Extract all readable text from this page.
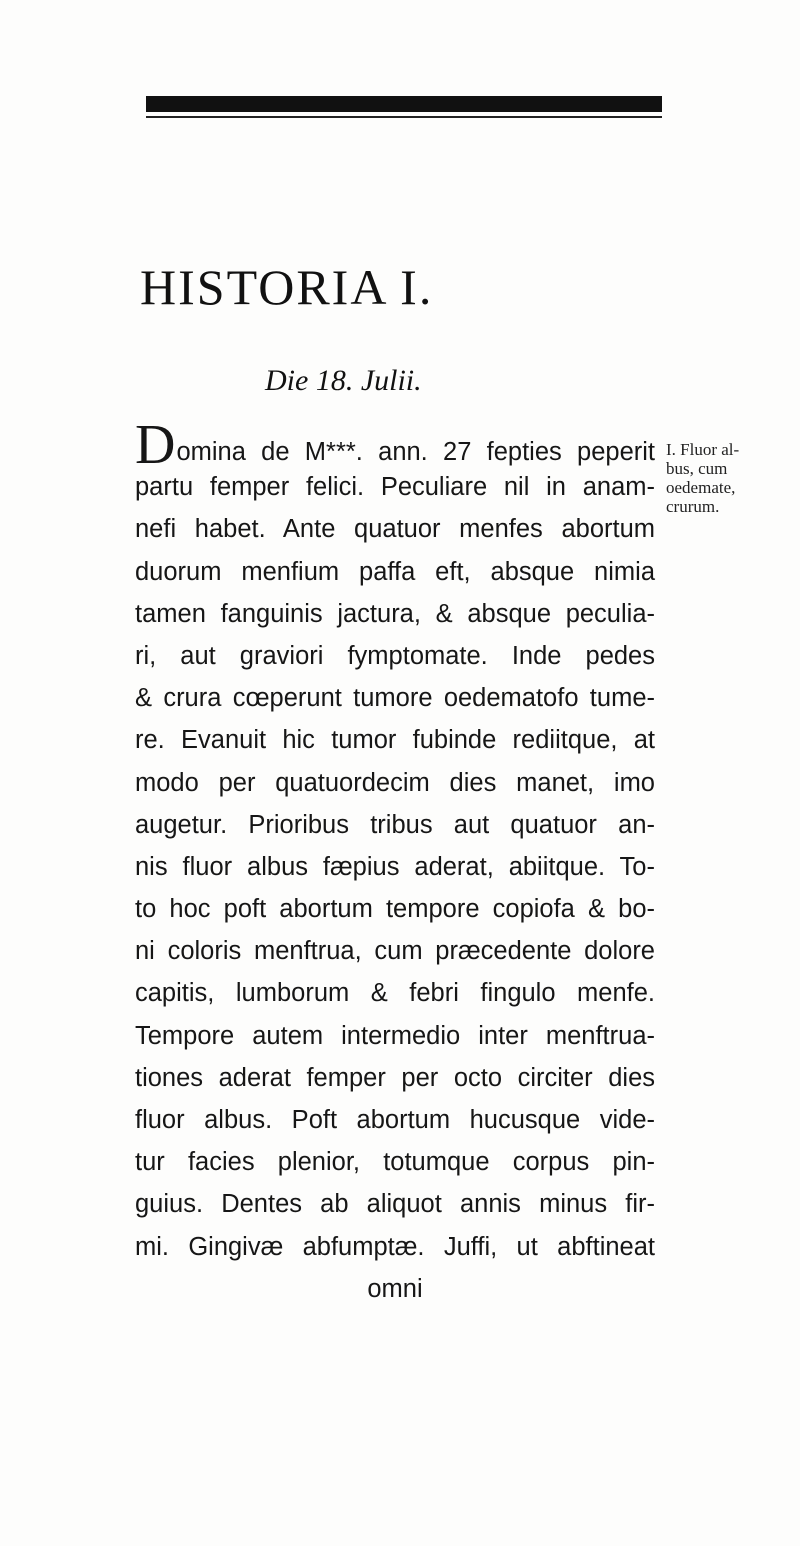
HISTORIA I.
Die 18. Julii.
Domina de M***. ann. 27 fepties peperit
partu femper felici. Peculiare nil in anam-
nefi habet. Ante quatuor menfes abortum
duorum menfium paffa eft, absque nimia
tamen fanguinis jactura, & absque peculia-
ri, aut graviori fymptomate. Inde pedes
& crura cœperunt tumore oedematofo tume-
re. Evanuit hic tumor fubinde rediitque, at
modo per quatuordecim dies manet, imo
augetur. Prioribus tribus aut quatuor an-
nis fluor albus fæpius aderat, abiitque. To-
to hoc poft abortum tempore copiofa & bo-
ni coloris menftrua, cum præcedente dolore
capitis, lumborum & febri fingulo menfe.
Tempore autem intermedio inter menftrua-
tiones aderat femper per octo circiter dies
fluor albus. Poft abortum hucusque vide-
tur facies plenior, totumque corpus pin-
guius. Dentes ab aliquot annis minus fir-
mi. Gingivæ abfumptæ. Juffi, ut abftineat
omni
I. Fluor al-
bus, cum
oedemate,
crurum.
